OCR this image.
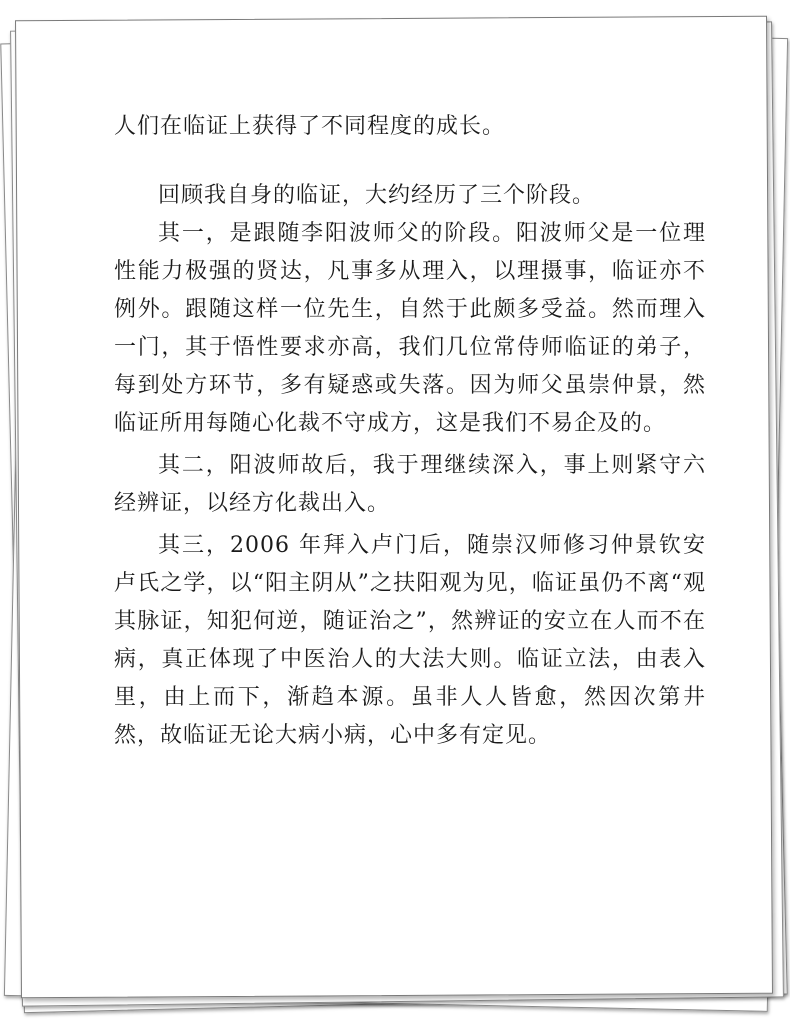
人们在临证上获得了不同程度的成长。

回顾我自身的临证，大约经历了三个阶段。

其一，是跟随李阳波师父的阶段。阳波师父是一位理性能力极强的贤达，凡事多从理入，以理摄事，临证亦不例外。跟随这样一位先生，自然于此颇多受益。然而理入一门，其于悟性要求亦高，我们几位常侍师临证的弟子，每到处方环节，多有疑惑或失落。因为师父虽崇仲景，然临证所用每随心化裁不守成方，这是我们不易企及的。

其二，阳波师故后，我于理继续深入，事上则紧守六经辨证，以经方化裁出入。

其三，2006 年拜入卢门后，随崇汉师修习仲景钦安卢氏之学，以“阳主阴从”之扶阳观为见，临证虽仍不离“观其脉证，知犯何逆，随证治之”，然辨证的安立在人而不在病，真正体现了中医治人的大法大则。临证立法，由表入里，由上而下，渐趋本源。虽非人人皆愈，然因次第井然，故临证无论大病小病，心中多有定见。
